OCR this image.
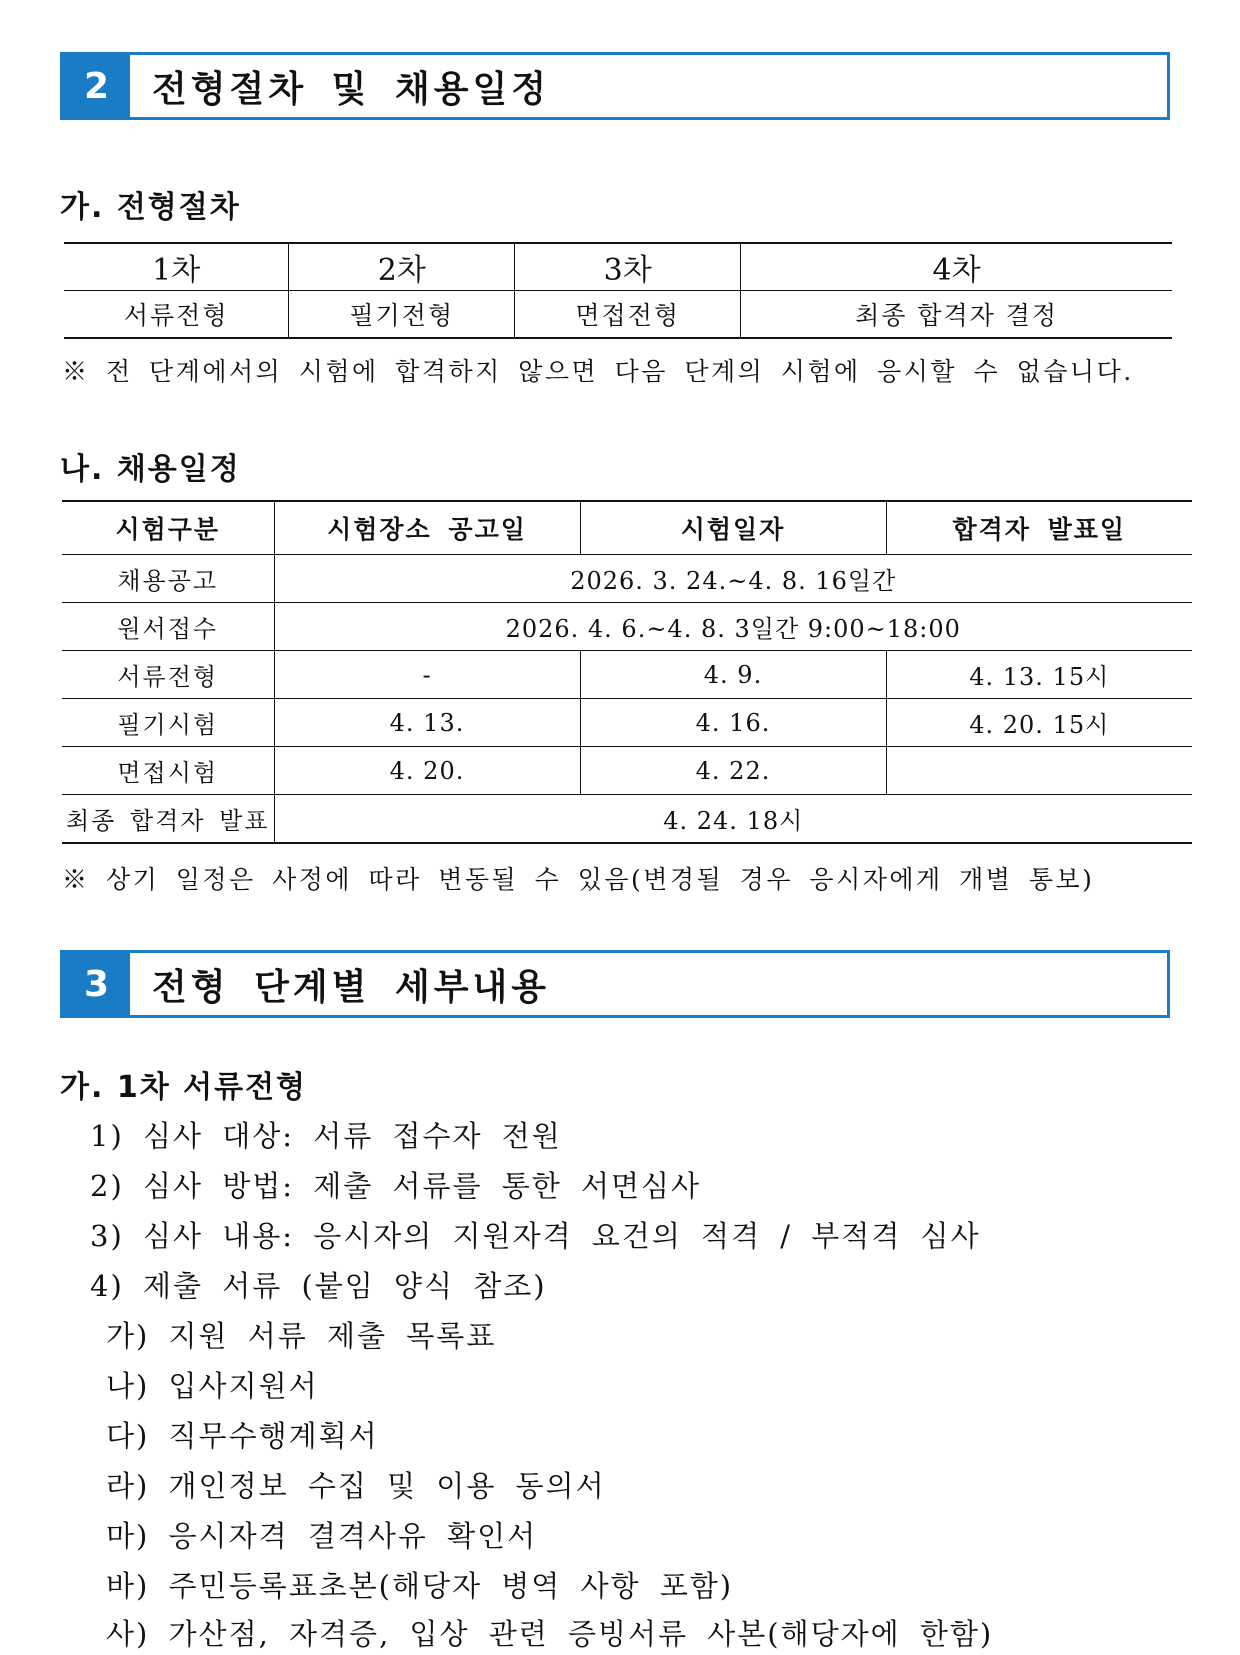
2	전형절차 및 채용일정
가. 전형절차
1차	2차	3차	4차
서류전형	필기전형	면접전형	최종 합격자 결정
※ 전 단계에서의 시험에 합격하지 않으면 다음 단계의 시험에 응시할 수 없습니다.
나. 채용일정
시험구분	시험장소 공고일	시험일자	합격자 발표일
채용공고	2026. 3. 24.~4. 8. 16일간		
원서접수	2026. 4. 6.~4. 8. 3일간 9:00~18:00		
서류전형	-	4. 9.	4. 13. 15시
필기시험	4. 13.	4. 16.	4. 20. 15시
면접시험	4. 20.	4. 22.	
최종 합격자 발표	4. 24. 18시		
※ 상기 일정은 사정에 따라 변동될 수 있음(변경될 경우 응시자에게 개별 통보)
3	전형 단계별 세부내용
가. 1차 서류전형
1) 심사 대상: 서류 접수자 전원
2) 심사 방법: 제출 서류를 통한 서면심사
3) 심사 내용: 응시자의 지원자격 요건의 적격 / 부적격 심사
4) 제출 서류 (붙임 양식 참조)
가) 지원 서류 제출 목록표
나) 입사지원서
다) 직무수행계획서
라) 개인정보 수집 및 이용 동의서
마) 응시자격 결격사유 확인서
바) 주민등록표초본(해당자 병역 사항 포함)
사) 가산점, 자격증, 입상 관련 증빙서류 사본(해당자에 한함)
